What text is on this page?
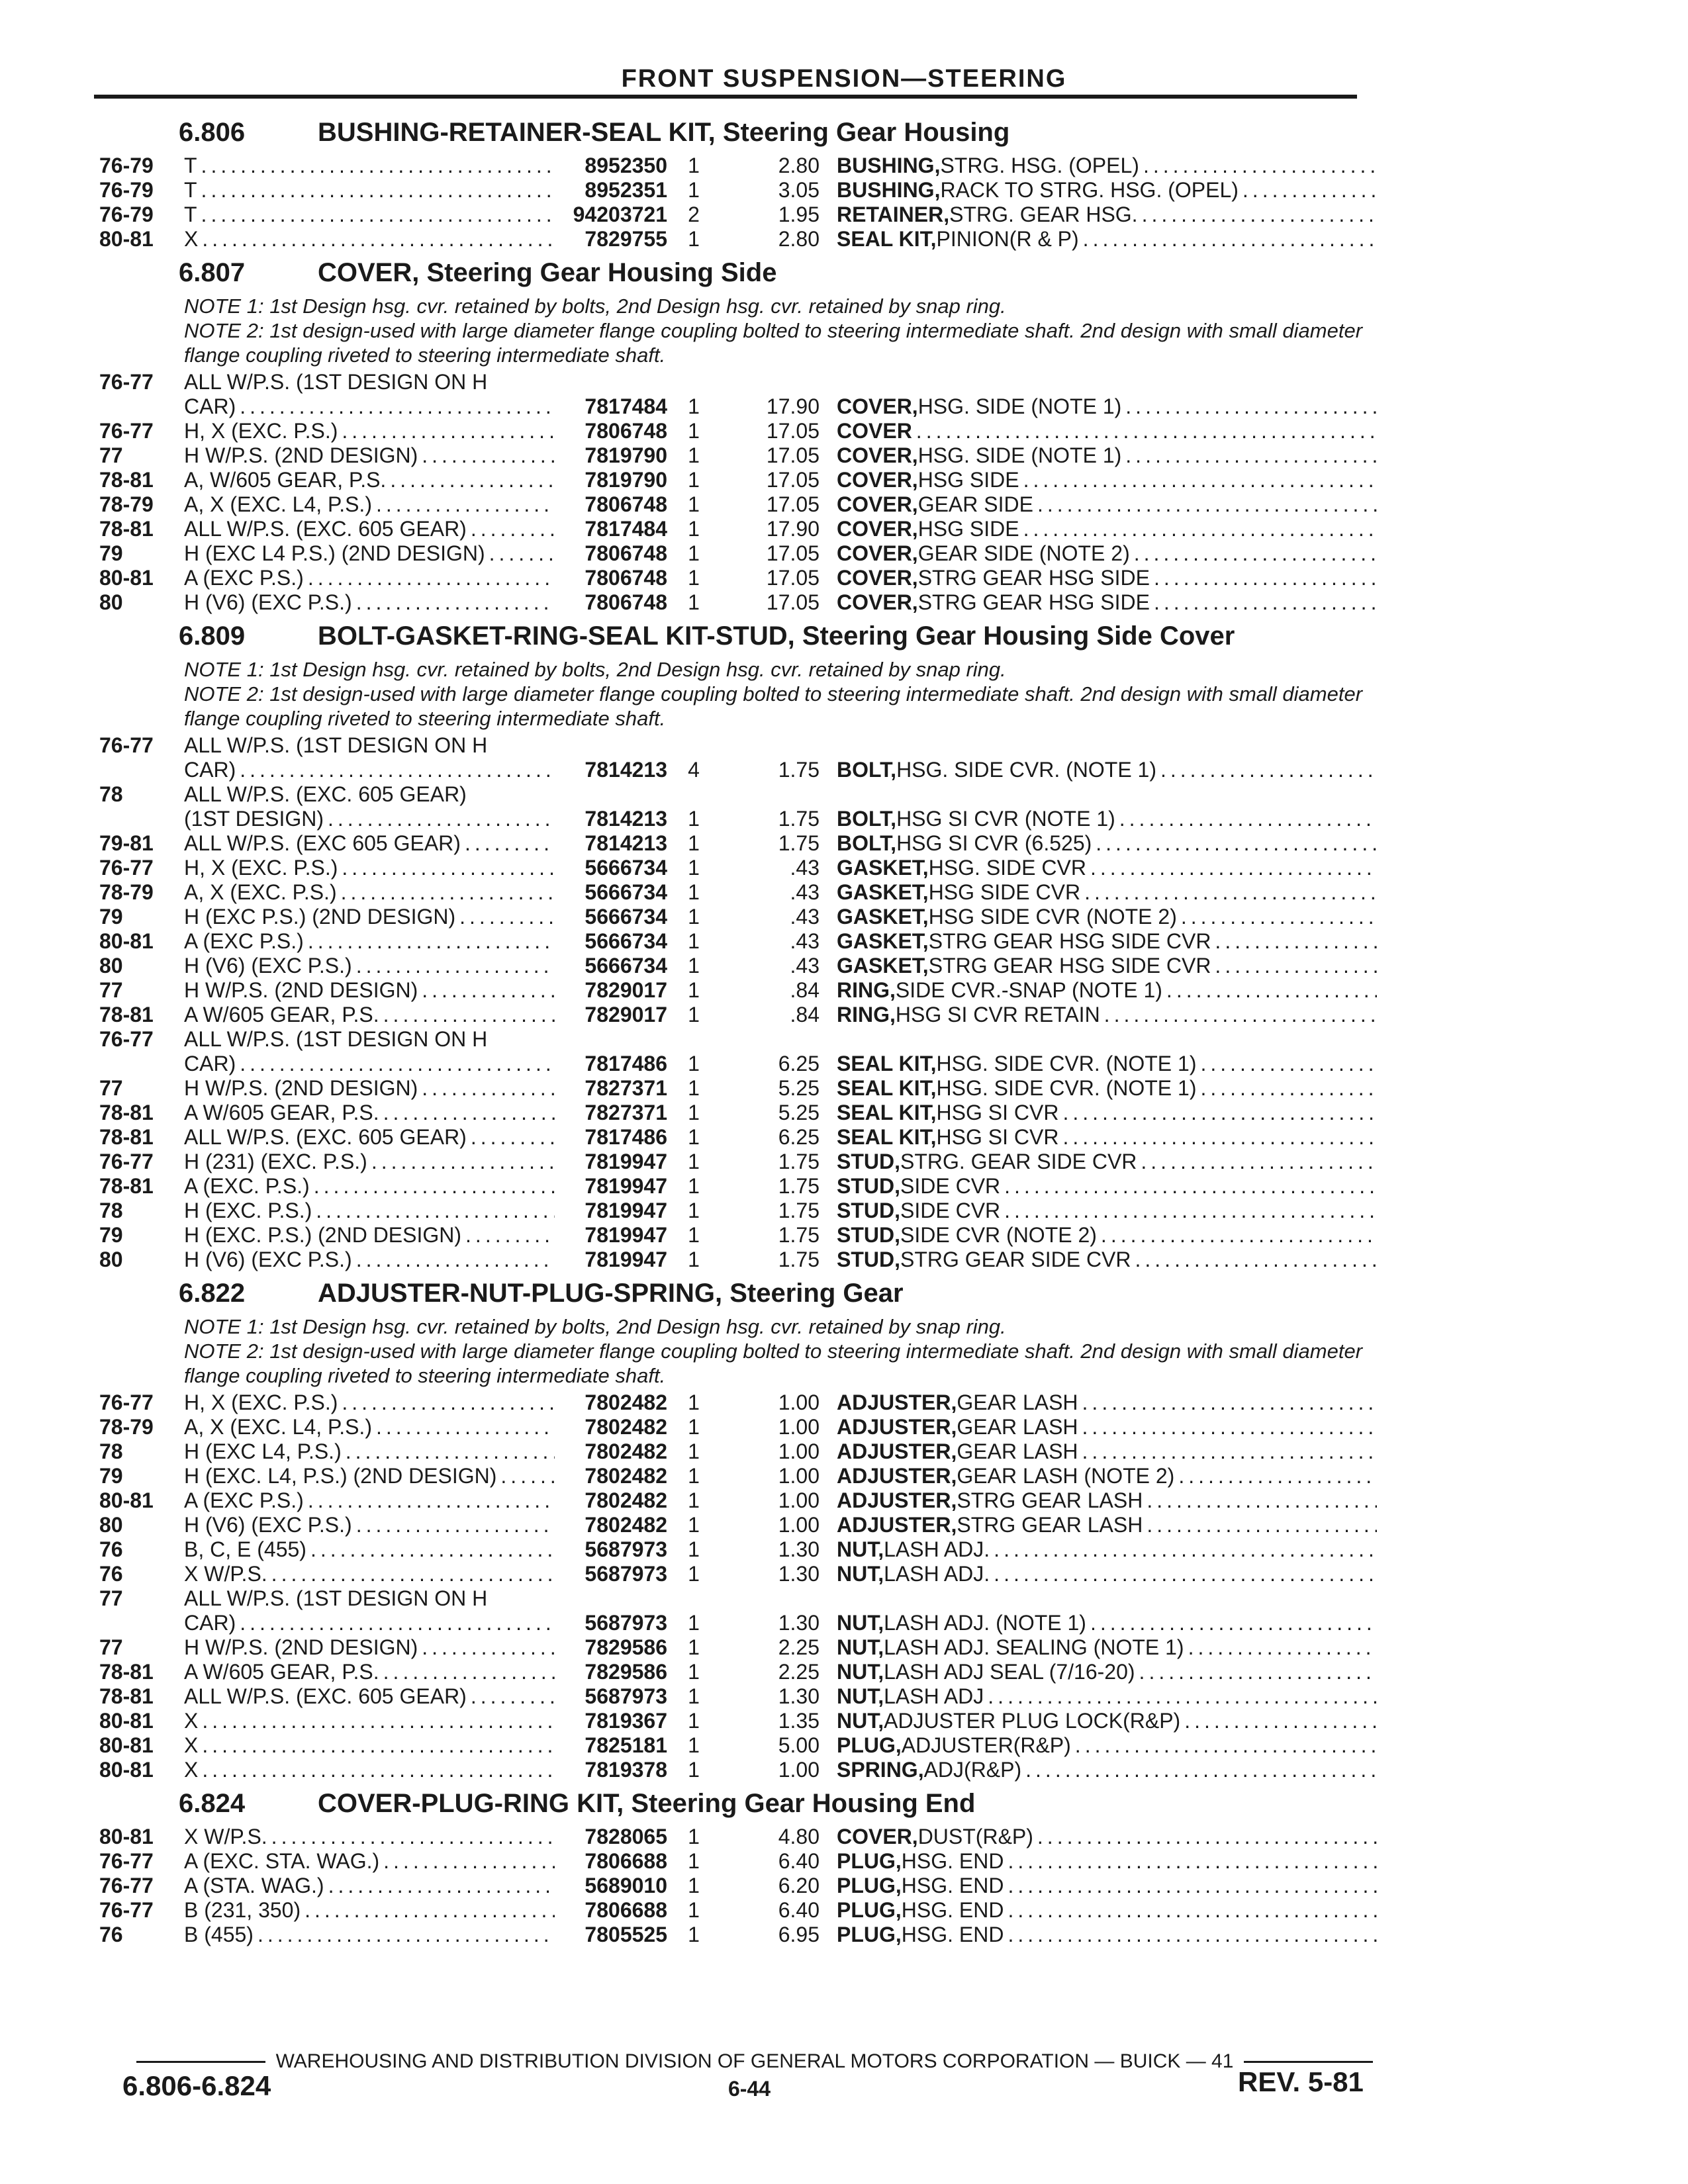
FRONT SUSPENSION—STEERING
6.806	BUSHING-RETAINER-SEAL KIT, Steering Gear Housing
76-79	T .....	8952350 1	2.80 BUSHING, STRG. HSG. (OPEL)
.....
76-79	T .....	8952351 1	3.05 BUSHING, RACK TO STRG. HSG. (OPEL)
.....
76-79	T .....	94203721 2	1.95 RETAINER, STRG. GEAR HSG.
.....
80-81	X .....	7829755 1	2.80 SEAL KIT, PINION(R & P)
.....
6.807	COVER, Steering Gear Housing Side

NOTE 1: 1st Design hsg. cvr. retained by bolts, 2nd Design hsg. cvr. retained by snap ring.

NOTE 2: 1st design-used with large diameter flange coupling bolted to steering intermediate shaft. 2nd design with small diameter flange coupling riveted to steering intermediate shaft.

76-77	ALL W/P.S. (1ST DESIGN ON H
CAR) .....	7817484 1	17.90 COVER, HSG. SIDE (NOTE 1)
.....
76-77	H, X (EXC. P.S.) .....	7806748 1	17.05 COVER
.....
77	H W/P.S. (2ND DESIGN) .....	7819790 1	17.05 COVER, HSG. SIDE (NOTE 1)
.....
78-81	A, W/605 GEAR, P.S. .....	7819790 1	17.05 COVER, HSG SIDE
.....
78-79	A, X (EXC. L4, P.S.) .....	7806748 1	17.05 COVER, GEAR SIDE
.....
78-81	ALL W/P.S. (EXC. 605 GEAR) .....	7817484 1	17.90 COVER, HSG SIDE
.....
79	H (EXC L4 P.S.) (2ND DESIGN) .....	7806748 1	17.05 COVER, GEAR SIDE (NOTE 2)
.....
80-81	A (EXC P.S.) .....	7806748 1	17.05 COVER, STRG GEAR HSG SIDE
.....
80	H (V6) (EXC P.S.) .....	7806748 1	17.05 COVER, STRG GEAR HSG SIDE
.....
6.809	BOLT-GASKET-RING-SEAL KIT-STUD, Steering Gear Housing Side Cover

NOTE 1: 1st Design hsg. cvr. retained by bolts, 2nd Design hsg. cvr. retained by snap ring.

NOTE 2: 1st design-used with large diameter flange coupling bolted to steering intermediate shaft. 2nd design with small diameter flange coupling riveted to steering intermediate shaft.

76-77	ALL W/P.S. (1ST DESIGN ON H
CAR) .....	7814213 4	1.75 BOLT, HSG. SIDE CVR. (NOTE 1)
.....
78	ALL W/P.S. (EXC. 605 GEAR)
(1ST DESIGN) .....	7814213 1	1.75 BOLT, HSG SI CVR (NOTE 1)
.....
79-81	ALL W/P.S. (EXC 605 GEAR) .....	7814213 1	1.75 BOLT, HSG SI CVR (6.525)
.....
76-77	H, X (EXC. P.S.) .....	5666734 1	.43 GASKET, HSG. SIDE CVR
.....
78-79	A, X (EXC. P.S.) .....	5666734 1	.43 GASKET, HSG SIDE CVR
.....
79	H (EXC P.S.) (2ND DESIGN) .....	5666734 1	.43 GASKET, HSG SIDE CVR (NOTE 2)
.....
80-81	A (EXC P.S.) .....	5666734 1	.43 GASKET, STRG GEAR HSG SIDE CVR
.....
80	H (V6) (EXC P.S.) .....	5666734 1	.43 GASKET, STRG GEAR HSG SIDE CVR
.....
77	H W/P.S. (2ND DESIGN) .....	7829017 1	.84 RING, SIDE CVR.-SNAP (NOTE 1)
.....
78-81	A W/605 GEAR, P.S. .....	7829017 1	.84 RING, HSG SI CVR RETAIN
.....
76-77	ALL W/P.S. (1ST DESIGN ON H
CAR) .....	7817486 1	6.25 SEAL KIT, HSG. SIDE CVR. (NOTE 1)
.....
77	H W/P.S. (2ND DESIGN) .....	7827371 1	5.25 SEAL KIT, HSG. SIDE CVR. (NOTE 1)
.....
78-81	A W/605 GEAR, P.S. .....	7827371 1	5.25 SEAL KIT, HSG SI CVR
.....
78-81	ALL W/P.S. (EXC. 605 GEAR) .....	7817486 1	6.25 SEAL KIT, HSG SI CVR
.....
76-77	H (231) (EXC. P.S.) .....	7819947 1	1.75 STUD, STRG. GEAR SIDE CVR
.....
78-81	A (EXC. P.S.) .....	7819947 1	1.75 STUD, SIDE CVR
.....
78	H (EXC. P.S.) .....	7819947 1	1.75 STUD, SIDE CVR
.....
79	H (EXC. P.S.) (2ND DESIGN) .....	7819947 1	1.75 STUD, SIDE CVR (NOTE 2)
.....
80	H (V6) (EXC P.S.) .....	7819947 1	1.75 STUD, STRG GEAR SIDE CVR
.....
6.822	ADJUSTER-NUT-PLUG-SPRING, Steering Gear

NOTE 1: 1st Design hsg. cvr. retained by bolts, 2nd Design hsg. cvr. retained by snap ring.

NOTE 2: 1st design-used with large diameter flange coupling bolted to steering intermediate shaft. 2nd design with small diameter flange coupling riveted to steering intermediate shaft.

76-77	H, X (EXC. P.S.) .....	7802482 1	1.00 ADJUSTER, GEAR LASH
.....
78-79	A, X (EXC. L4, P.S.) .....	7802482 1	1.00 ADJUSTER, GEAR LASH
.....
78	H (EXC L4, P.S.) .....	7802482 1	1.00 ADJUSTER, GEAR LASH
.....
79	H (EXC. L4, P.S.) (2ND DESIGN) .....	7802482 1	1.00 ADJUSTER, GEAR LASH (NOTE 2)
.....
80-81	A (EXC P.S.) .....	7802482 1	1.00 ADJUSTER, STRG GEAR LASH
.....
80	H (V6) (EXC P.S.) .....	7802482 1	1.00 ADJUSTER, STRG GEAR LASH
.....
76	B, C, E (455) .....	5687973 1	1.30 NUT, LASH ADJ.
.....
76	X W/P.S. .....	5687973 1	1.30 NUT, LASH ADJ.
.....
77	ALL W/P.S. (1ST DESIGN ON H
CAR) .....	5687973 1	1.30 NUT, LASH ADJ. (NOTE 1)
.....
77	H W/P.S. (2ND DESIGN) .....	7829586 1	2.25 NUT, LASH ADJ. SEALING (NOTE 1)
.....
78-81	A W/605 GEAR, P.S. .....	7829586 1	2.25 NUT, LASH ADJ SEAL (7/16-20)
.....
78-81	ALL W/P.S. (EXC. 605 GEAR) .....	5687973 1	1.30 NUT, LASH ADJ
.....
80-81	X .....	7819367 1	1.35 NUT, ADJUSTER PLUG LOCK(R&P)
.....
80-81	X .....	7825181 1	5.00 PLUG, ADJUSTER(R&P)
.....
80-81	X .....	7819378 1	1.00 SPRING, ADJ(R&P)
.....
6.824	COVER-PLUG-RING KIT, Steering Gear Housing End
80-81	X W/P.S. .....	7828065 1	4.80 COVER, DUST(R&P)
.....
76-77	A (EXC. STA. WAG.) .....	7806688 1	6.40 PLUG, HSG. END
.....
76-77	A (STA. WAG.) .....	5689010 1	6.20 PLUG, HSG. END
.....
76-77	B (231, 350) .....	7806688 1	6.40 PLUG, HSG. END
.....
76	B (455) .....	7805525 1	6.95 PLUG, HSG. END
.....
WAREHOUSING AND DISTRIBUTION DIVISION OF GENERAL MOTORS CORPORATION — BUICK — 41
6.806-6.824	6-44	REV. 5-81
